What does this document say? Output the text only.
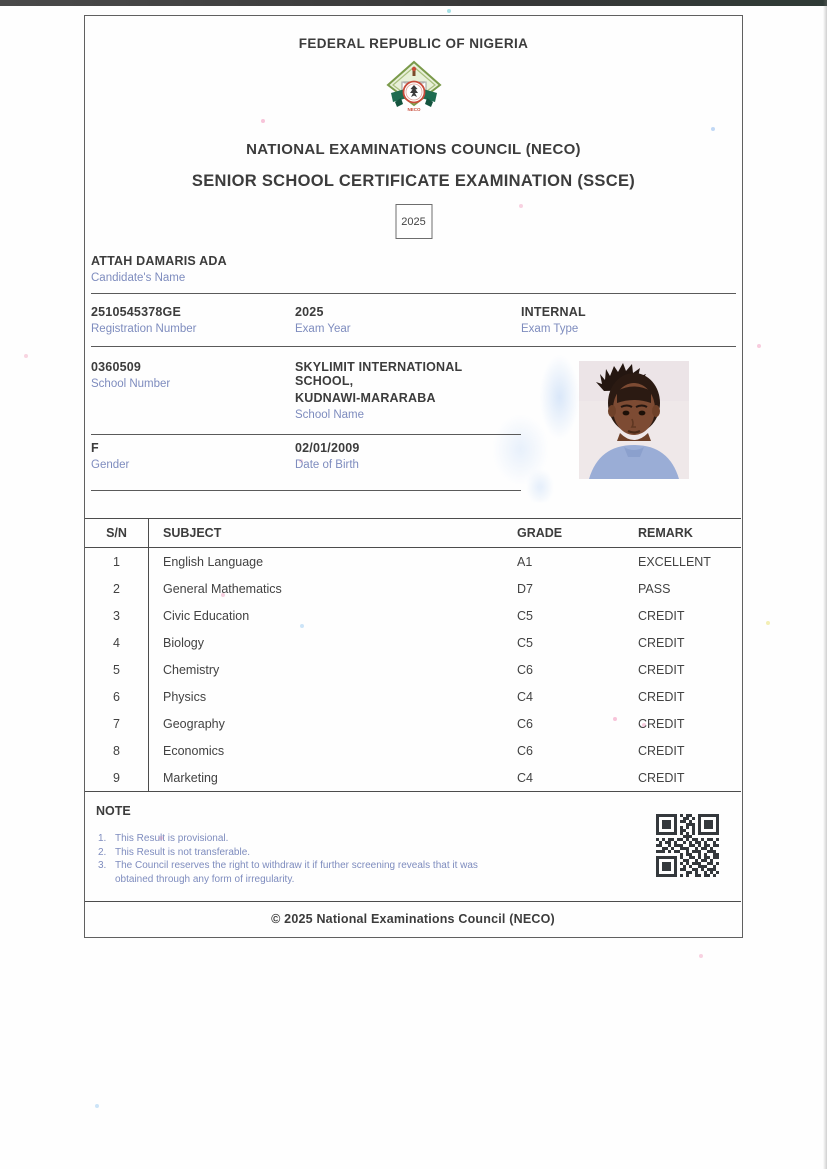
FEDERAL REPUBLIC OF NIGERIA
NECO
NATIONAL EXAMINATIONS COUNCIL (NECO)
SENIOR SCHOOL CERTIFICATE EXAMINATION (SSCE)
2025
ATTAH DAMARIS ADA
Candidate's Name
2510545378GE
Registration Number
2025
Exam Year
INTERNAL
Exam Type
0360509
School Number
SKYLIMIT INTERNATIONAL SCHOOL,
KUDNAWI-MARARABA
School Name
F
Gender
02/01/2009
Date of Birth
S/N	SUBJECT	GRADE	REMARK
1	English Language	A1	EXCELLENT
2	General Mathematics	D7	PASS
3	Civic Education	C5	CREDIT
4	Biology	C5	CREDIT
5	Chemistry	C6	CREDIT
6	Physics	C4	CREDIT
7	Geography	C6	CREDIT
8	Economics	C6	CREDIT
9	Marketing	C4	CREDIT
NOTE
1. This Result is provisional.
2. This Result is not transferable.
3. The Council reserves the right to withdraw it if further screening reveals that it was obtained through any form of irregularity.
© 2025 National Examinations Council (NECO)
